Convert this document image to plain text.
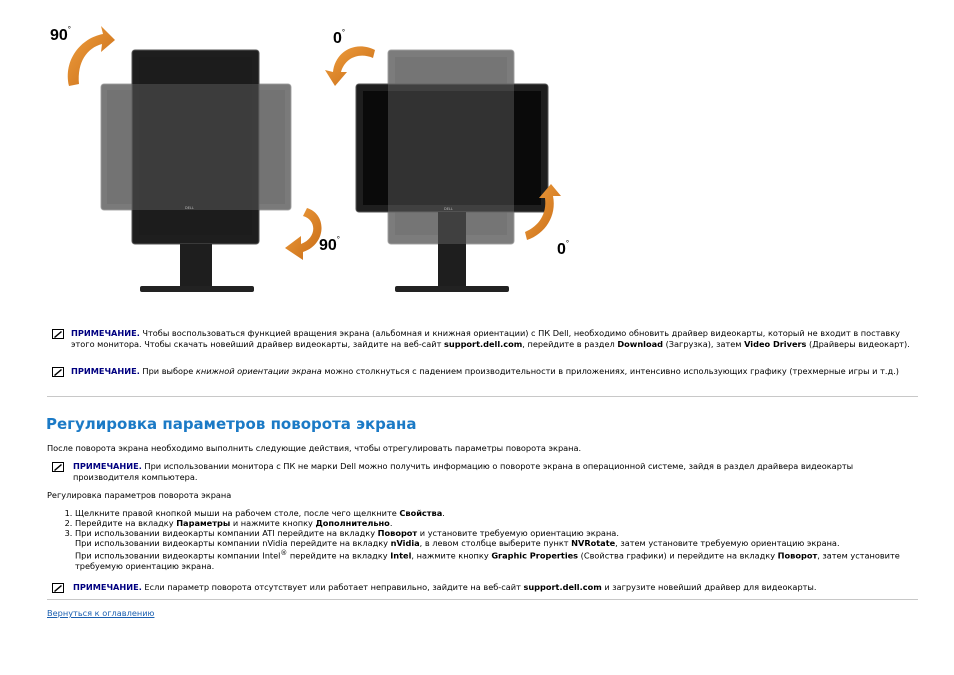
DELL	DELL
90°
0°
90°
0°
ПРИМЕЧАНИЕ. Чтобы воспользоваться функцией вращения экрана (альбомная и книжная ориентации) с ПК Dell, необходимо обновить драйвер видеокарты, который не входит в поставку этого монитора. Чтобы скачать новейший драйвер видеокарты, зайдите на веб-сайт support.dell.com, перейдите в раздел Download (Загрузка), затем Video Drivers (Драйверы видеокарт).
ПРИМЕЧАНИЕ. При выборе книжной ориентации экрана можно столкнуться с падением производительности в приложениях, интенсивно использующих графику (трехмерные игры и т.д.)
Регулировка параметров поворота экрана
После поворота экрана необходимо выполнить следующие действия, чтобы отрегулировать параметры поворота экрана.
ПРИМЕЧАНИЕ. При использовании монитора с ПК не марки Dell можно получить информацию о повороте экрана в операционной системе, зайдя в раздел драйвера видеокарты производителя компьютера.
Регулировка параметров поворота экрана
1. Щелкните правой кнопкой мыши на рабочем столе, после чего щелкните Свойства.
2. Перейдите на вкладку Параметры и нажмите кнопку Дополнительно.
3. При использовании видеокарты компании ATI перейдите на вкладку Поворот и установите требуемую ориентацию экрана.
При использовании видеокарты компании nVidia перейдите на вкладку nVidia, в левом столбце выберите пункт NVRotate, затем установите требуемую ориентацию экрана.
При использовании видеокарты компании Intel® перейдите на вкладку Intel, нажмите кнопку Graphic Properties (Свойства графики) и перейдите на вкладку Поворот, затем установите требуемую ориентацию экрана.
ПРИМЕЧАНИЕ. Если параметр поворота отсутствует или работает неправильно, зайдите на веб-сайт support.dell.com и загрузите новейший драйвер для видеокарты.
Вернуться к оглавлению
